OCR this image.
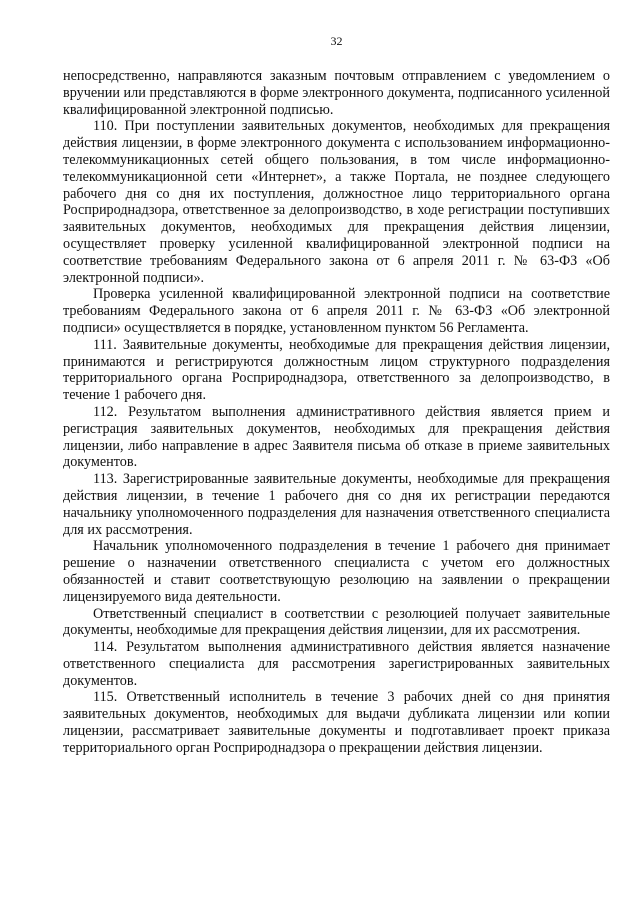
32

непосредственно, направляются заказным почтовым отправлением с уведомлением о вручении или представляются в форме электронного документа, подписанного усиленной квалифицированной электронной подписью.

110. При поступлении заявительных документов, необходимых для прекращения действия лицензии, в форме электронного документа с использованием информационно-телекоммуникационных сетей общего пользования, в том числе информационно-телекоммуникационной сети «Интернет», а также Портала, не позднее следующего рабочего дня со дня их поступления, должностное лицо территориального органа Росприроднадзора, ответственное за делопроизводство, в ходе регистрации поступивших заявительных документов, необходимых для прекращения действия лицензии, осуществляет проверку усиленной квалифицированной электронной подписи на соответствие требованиям Федерального закона от 6 апреля 2011 г. № 63-ФЗ «Об электронной подписи».

Проверка усиленной квалифицированной электронной подписи на соответствие требованиям Федерального закона от 6 апреля 2011 г. № 63-ФЗ «Об электронной подписи» осуществляется в порядке, установленном пунктом 56 Регламента.

111. Заявительные документы, необходимые для прекращения действия лицензии, принимаются и регистрируются должностным лицом структурного подразделения территориального органа Росприроднадзора, ответственного за делопроизводство, в течение 1 рабочего дня.

112. Результатом выполнения административного действия является прием и регистрация заявительных документов, необходимых для прекращения действия лицензии, либо направление в адрес Заявителя письма об отказе в приеме заявительных документов.

113. Зарегистрированные заявительные документы, необходимые для прекращения действия лицензии, в течение 1 рабочего дня со дня их регистрации передаются начальнику уполномоченного подразделения для назначения ответственного специалиста для их рассмотрения.

Начальник уполномоченного подразделения в течение 1 рабочего дня принимает решение о назначении ответственного специалиста с учетом его должностных обязанностей и ставит соответствующую резолюцию на заявлении о прекращении лицензируемого вида деятельности.

Ответственный специалист в соответствии с резолюцией получает заявительные документы, необходимые для прекращения действия лицензии, для их рассмотрения.

114. Результатом выполнения административного действия является назначение ответственного специалиста для рассмотрения зарегистрированных заявительных документов.

115. Ответственный исполнитель в течение 3 рабочих дней со дня принятия заявительных документов, необходимых для выдачи дубликата лицензии или копии лицензии, рассматривает заявительные документы и подготавливает проект приказа территориального орган Росприроднадзора о прекращении действия лицензии.
